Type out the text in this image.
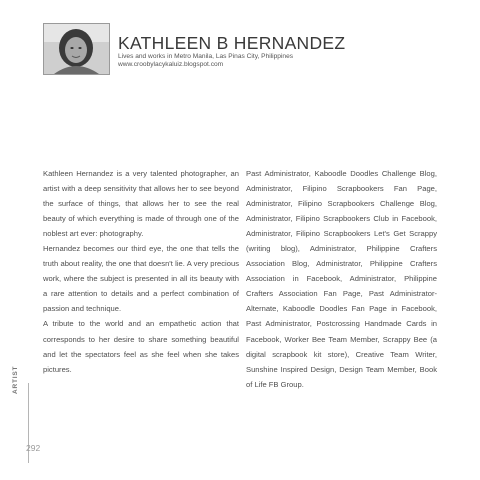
KATHLEEN B HERNANDEZ
Lives and works in Metro Manila, Las Pinas City, Philippines
www.croobylacykaluiz.blogspot.com

Kathleen Hernandez is a very talented photographer, an artist with a deep sensitivity that allows her to see beyond the surface of things, that allows her to see the real beauty of which everything is made of through one of the noblest art ever: photography.

Hernandez becomes our third eye, the one that tells the truth about reality, the one that doesn't lie. A very precious work, where the subject is presented in all its beauty with a rare attention to details and a perfect combination of passion and technique.

A tribute to the world and an empathetic action that corresponds to her desire to share something beautiful and let the spectators feel as she feel when she takes pictures.

Past Administrator, Kaboodle Doodles Challenge Blog, Administrator, Filipino Scrapbookers Fan Page, Administrator, Filipino Scrapbookers Challenge Blog, Administrator, Filipino Scrapbookers Club in Facebook, Administrator, Filipino Scrapbookers Let's Get Scrappy (writing blog), Administrator, Philippine Crafters Association Blog, Administrator, Philippine Crafters Association in Facebook, Administrator, Philippine Crafters Association Fan Page, Past Administrator-Alternate, Kaboodle Doodles Fan Page in Facebook, Past Administrator, Postcrossing Handmade Cards in Facebook, Worker Bee Team Member, Scrappy Bee (a digital scrapbook kit store), Creative Team Writer, Sunshine Inspired Design, Design Team Member, Book of Life FB Group.

ARTIST
292
